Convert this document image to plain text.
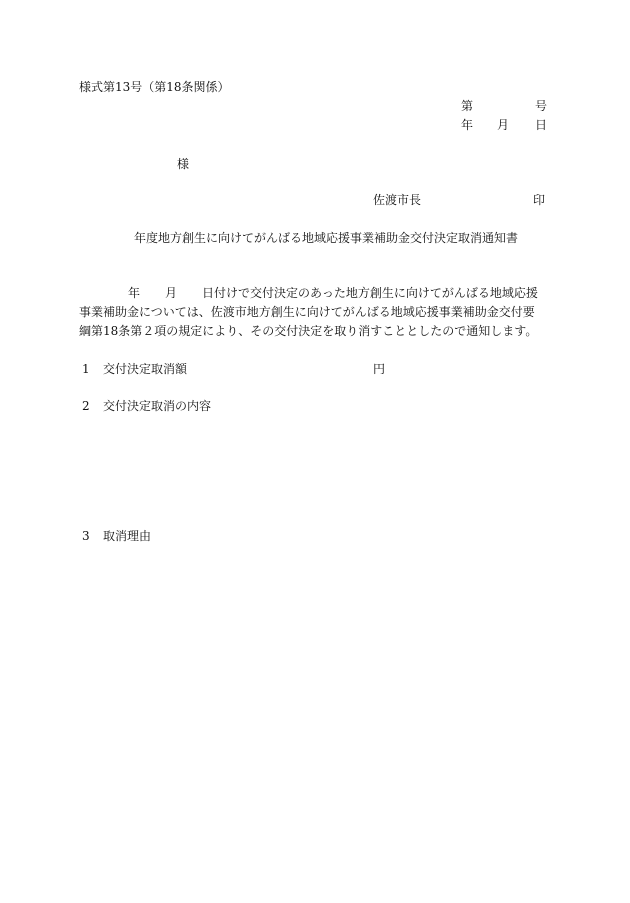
様式第13号（第18条関係）
第	号
年 月 日
様
佐渡市長	印
年度地方創生に向けてがんばる地域応援事業補助金交付決定取消通知書
年 月 日付けで交付決定のあった地方創生に向けてがんばる地域応援
事業補助金については、佐渡市地方創生に向けてがんばる地域応援事業補助金交付要
綱第18条第２項の規定により、その交付決定を取り消すこととしたので通知します。
1 交付決定取消額	円
2 交付決定取消の内容
3 取消理由
